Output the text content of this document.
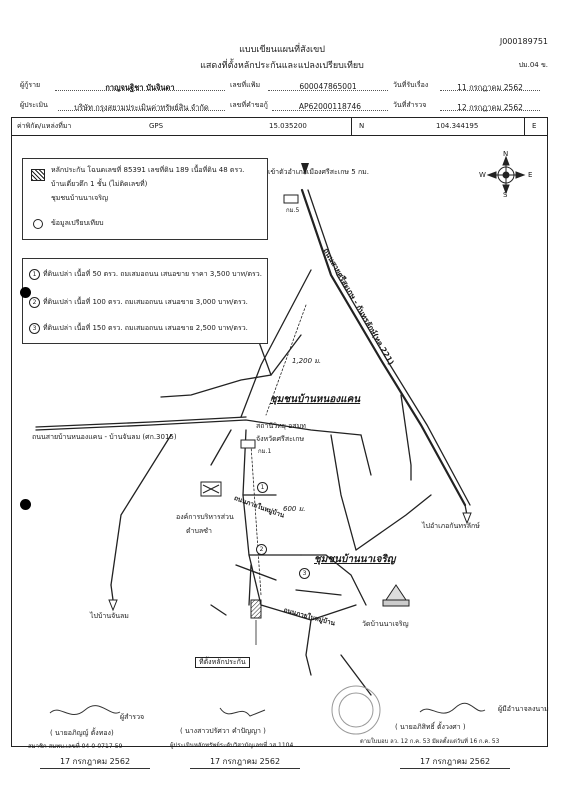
J000189751
ปม.04 ข.
แบบเขียนแผนที่สังเขป
แสดงที่ตั้งหลักประกันและแปลงเปรียบเทียบ
ผู้กู้ราย	กาญจนฐิชา บันจินดา	เลขที่แฟ้ม	600047865001	วันที่รับเรื่อง	11 กรกฎาคม 2562
ผู้ประเมิน	บริษัท กรุงสยามประเมินค่าทรัพย์สิน จำกัด	เลขที่คำขอกู้	AP62000118746	วันที่สำรวจ	12 กรกฎาคม 2562
ค่าพิกัด/แหล่งที่มา	GPS	15.035200	N	104.344195	E
N
S
E
W
หลักประกัน โฉนดเลขที่ 85391 เลขที่ดิน 189 เนื้อที่ดิน 48 ตรว.
บ้านเดี่ยวตึก 1 ชั้น (ไม่ติดเลขที่)
ชุมชนบ้านนาเจริญ
ข้อมูลเปรียบเทียบ
1 ที่ดินเปล่า เนื้อที่ 50 ตรว. ถมเสมอถนน เสนอขาย ราคา 3,500 บาท/ตรว.
2 ที่ดินเปล่า เนื้อที่ 100 ตรว. ถมเสมอถนน เสนอขาย 3,000 บาท/ตรว.
3 ที่ดินเปล่า เนื้อที่ 150 ตรว. ถมเสมอถนน เสนอขาย 2,500 บาท/ตรว.
เข้าตัวอำเภอเมืองศรีสะเกษ 5 กม.
กม.5
ถนนสายศรีสะเกษ - กันทรลักษ์(ทล.221)
1,200 ม.
ชุมชนบ้านหนองแคน
สถานีวิทยุ อสมท
จังหวัดศรีสะเกษ
กม.1
ถนนสายบ้านหนองแคน - บ้านจันลม (ศก.3015)
600 ม.
ถนนภายในหมู่บ้าน
องค์การบริหารส่วน
ตำบลซำ
ชุมชนบ้านนาเจริญ
ไปอำเภอกันทรลักษ์
ไปบ้านจันลม	ถนนภายในหมู่บ้าน	วัดบ้านนาเจริญ
ที่ตั้งหลักประกัน
1
2
3
ผู้สำรวจ
( นายอภิญญ์ ตั้งทอง)
สมาชิก สมพบ.เลขที่ 04-0-0717-59
( นางสาวปรัศวา คำปัญญา )
ผู้ประเมินหลักทรัพย์ระดับวิสามัญเลขที่ วส.1104
ผู้มีอำนาจลงนาม
( นายอภิสิทธิ์ ตั้งวงศา )
ตามใบมอบ ลว. 12 ก.ค. 53 มีผลตั้งแต่วันที่ 16 ก.ค. 53
17 กรกฎาคม 2562	17 กรกฎาคม 2562	17 กรกฎาคม 2562
